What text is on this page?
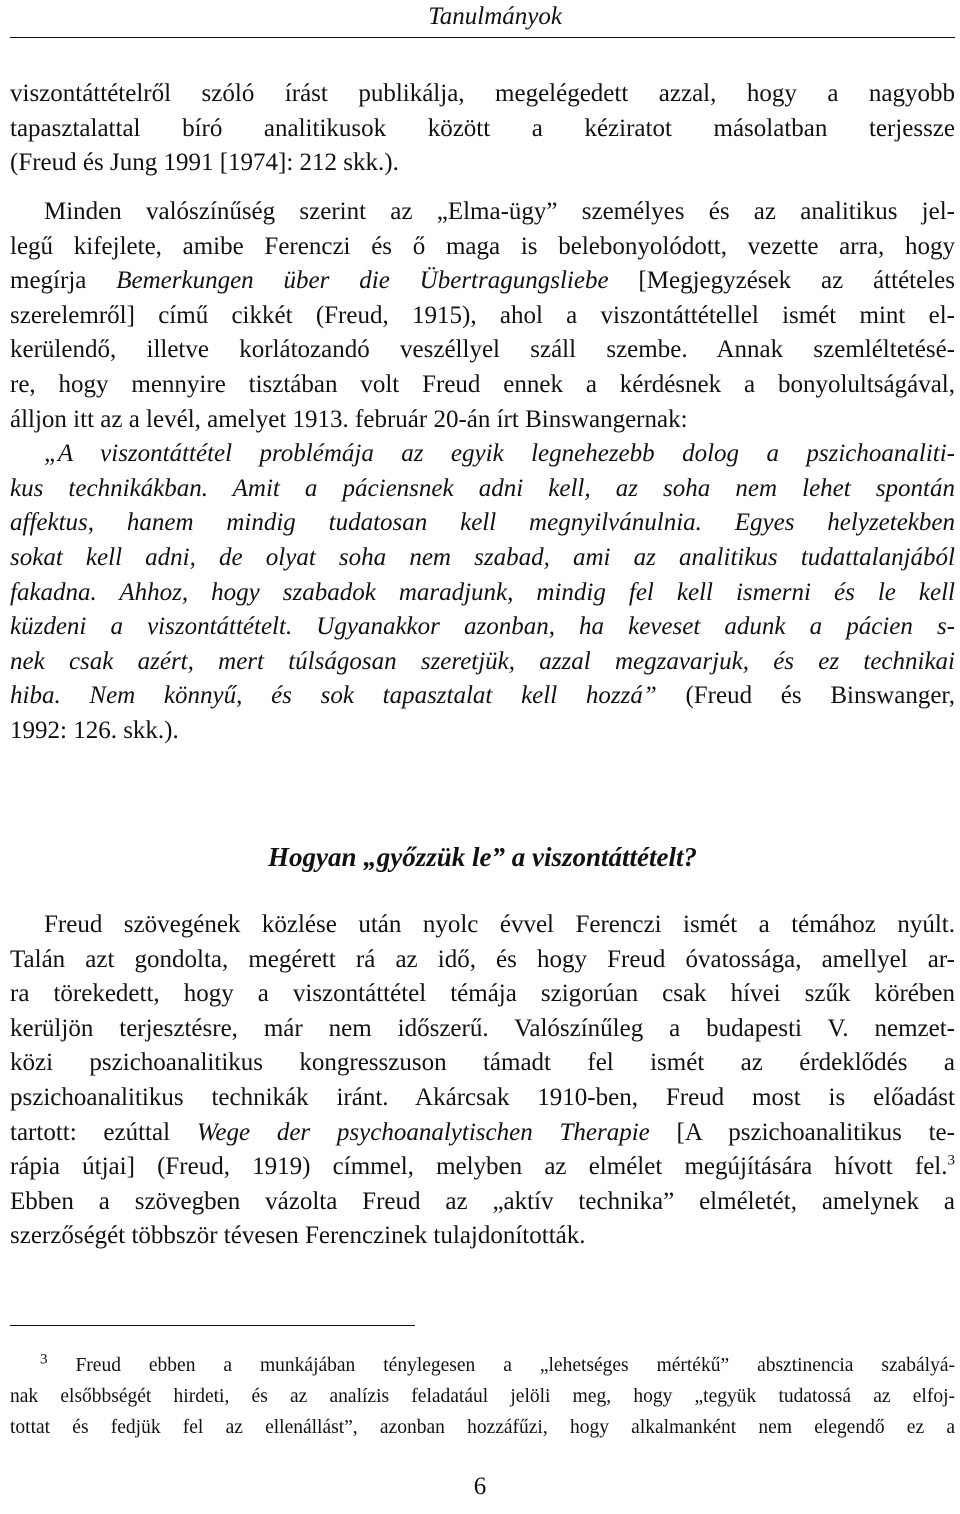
Tanulmányok
viszontáttételről szóló írást publikálja, megelégedett azzal, hogy a nagyobb
tapasztalattal bíró analitikusok között a kéziratot másolatban terjessze
(Freud és Jung 1991 [1974]: 212 skk.).
Minden valószínűség szerint az „Elma-ügy” személyes és az analitikus jel-
legű kifejlete, amibe Ferenczi és ő maga is belebonyolódott, vezette arra, hogy
megírja Bemerkungen über die Übertragungsliebe [Megjegyzések az áttételes
szerelemről] című cikkét (Freud, 1915), ahol a viszontáttétellel ismét mint el-
kerülendő, illetve korlátozandó veszéllyel száll szembe. Annak szemléltetésé-
re, hogy mennyire tisztában volt Freud ennek a kérdésnek a bonyolultságával,
álljon itt az a levél, amelyet 1913. február 20-án írt Binswangernak:
„A viszontáttétel problémája az egyik legnehezebb dolog a pszichoanaliti-
kus technikákban. Amit a páciensnek adni kell, az soha nem lehet spontán
affektus, hanem mindig tudatosan kell megnyilvánulnia. Egyes helyzetekben
sokat kell adni, de olyat soha nem szabad, ami az analitikus tudattalanjából
fakadna. Ahhoz, hogy szabadok maradjunk, mindig fel kell ismerni és le kell
küzdeni a viszontáttételt. Ugyanakkor azonban, ha keveset adunk a pácien s-
nek csak azért, mert túlságosan szeretjük, azzal megzavarjuk, és ez technikai
hiba. Nem könnyű, és sok tapasztalat kell hozzá” (Freud és Binswanger,
1992: 126. skk.).
Hogyan „győzzük le” a viszontáttételt?
Freud szövegének közlése után nyolc évvel Ferenczi ismét a témához nyúlt.
Talán azt gondolta, megérett rá az idő, és hogy Freud óvatossága, amellyel ar-
ra törekedett, hogy a viszontáttétel témája szigorúan csak hívei szűk körében
kerüljön terjesztésre, már nem időszerű. Valószínűleg a budapesti V. nemzet-
közi pszichoanalitikus kongresszuson támadt fel ismét az érdeklődés a
pszichoanalitikus technikák iránt. Akárcsak 1910-ben, Freud most is előadást
tartott: ezúttal Wege der psychoanalytischen Therapie [A pszichoanalitikus te-
rápia útjai] (Freud, 1919) címmel, melyben az elmélet megújítására hívott fel.$^3$
Ebben a szövegben vázolta Freud az „aktív technika” elméletét, amelynek a
szerzőségét többször tévesen Ferenczinek tulajdonították.
$^3$ Freud ebben a munkájában ténylegesen a „lehetséges mértékű” absztinencia szabályá-
nak elsőbbségét hirdeti, és az analízis feladatául jelöli meg, hogy „tegyük tudatossá az elfoj-
tottat és fedjük fel az ellenállást”, azonban hozzáfűzi, hogy alkalmanként nem elegendő ez a
6
